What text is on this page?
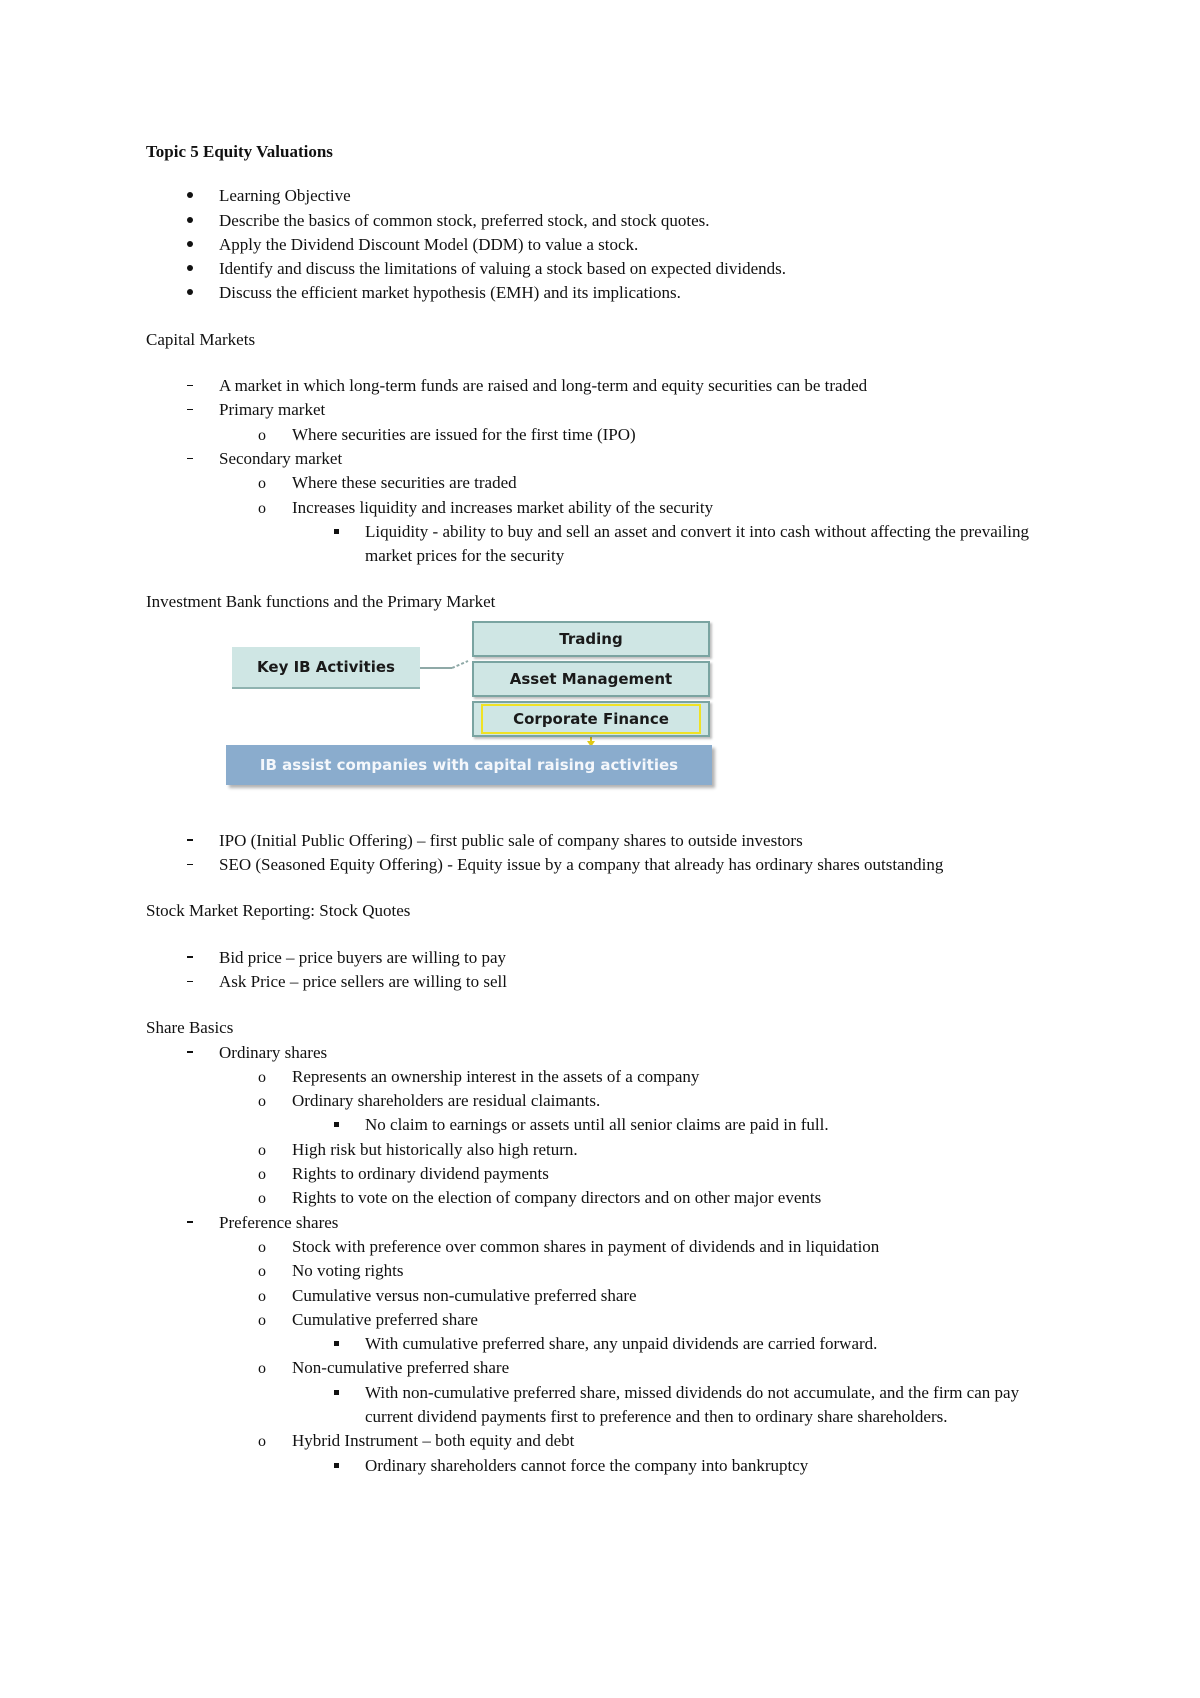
Topic 5 Equity Valuations

Learning Objective
Describe the basics of common stock, preferred stock, and stock quotes.
Apply the Dividend Discount Model (DDM) to value a stock.
Identify and discuss the limitations of valuing a stock based on expected dividends.
Discuss the efficient market hypothesis (EMH) and its implications.

Capital Markets

A market in which long-term funds are raised and long-term and equity securities can be traded
Primary market
o
Where securities are issued for the first time (IPO)
Secondary market
o
Where these securities are traded
o
Increases liquidity and increases market ability of the security
Liquidity - ability to buy and sell an asset and convert it into cash without affecting the prevailing market prices for the security

Investment Bank functions and the Primary Market

Key IB Activities
Trading
Asset Management
Corporate Finance
IB assist companies with capital raising activities
IPO (Initial Public Offering) – first public sale of company shares to outside investors
SEO (Seasoned Equity Offering) - Equity issue by a company that already has ordinary shares outstanding

Stock Market Reporting: Stock Quotes

Bid price – price buyers are willing to pay
Ask Price – price sellers are willing to sell

Share Basics

Ordinary shares
o
Represents an ownership interest in the assets of a company
o
Ordinary shareholders are residual claimants.
No claim to earnings or assets until all senior claims are paid in full.
o
High risk but historically also high return.
o
Rights to ordinary dividend payments
o
Rights to vote on the election of company directors and on other major events
Preference shares
o
Stock with preference over common shares in payment of dividends and in liquidation
o
No voting rights
o
Cumulative versus non-cumulative preferred share
o
Cumulative preferred share
With cumulative preferred share, any unpaid dividends are carried forward.
o
Non-cumulative preferred share
With non-cumulative preferred share, missed dividends do not accumulate, and the firm can pay current dividend payments first to preference and then to ordinary share shareholders.
o
Hybrid Instrument – both equity and debt
Ordinary shareholders cannot force the company into bankruptcy
